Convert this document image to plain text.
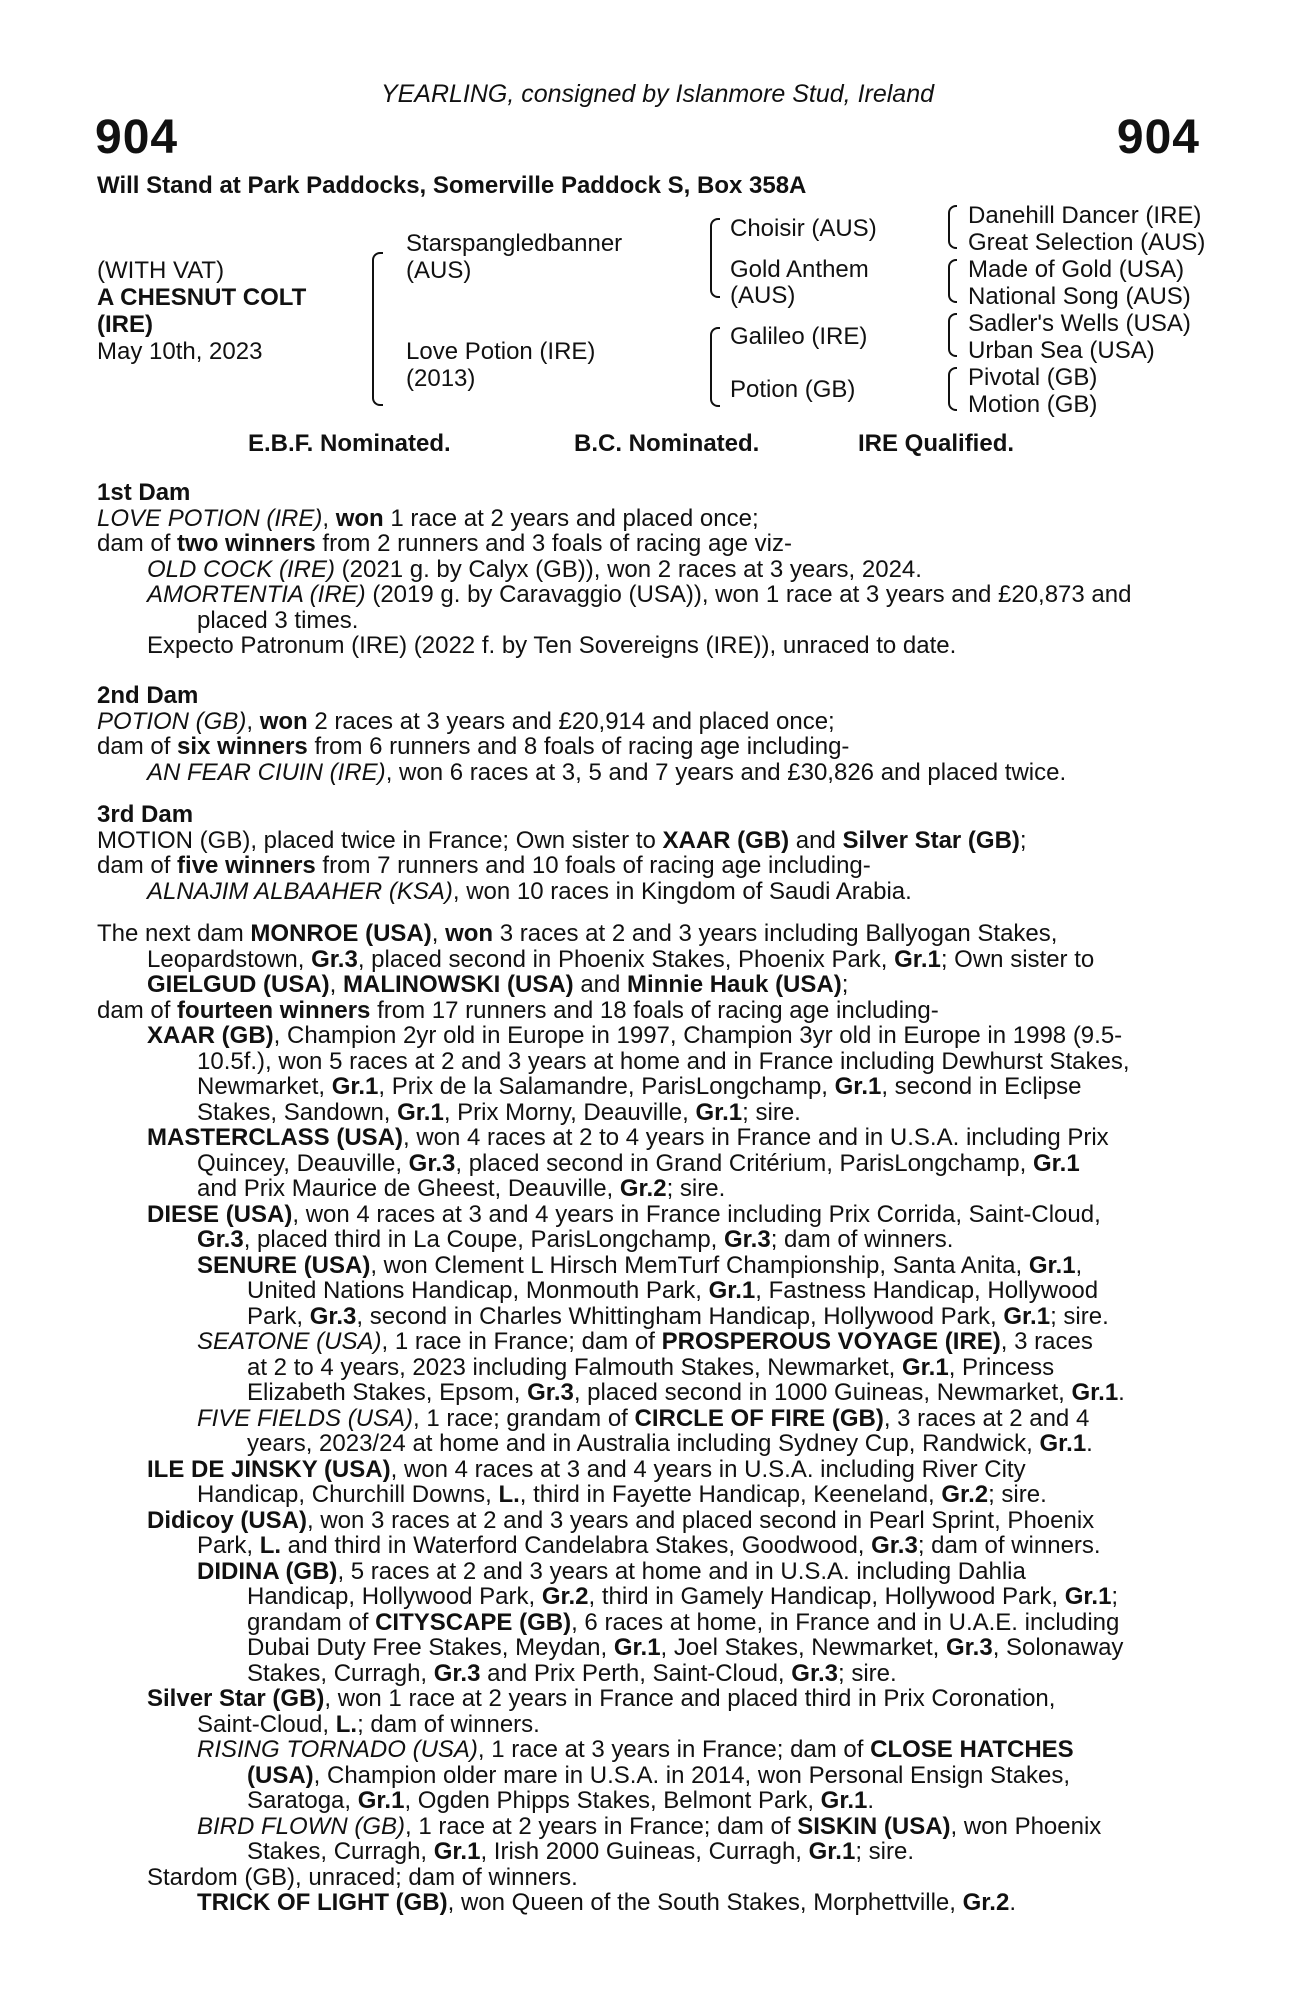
YEARLING, consigned by Islanmore Stud, Ireland
904	904
Will Stand at Park Paddocks, Somerville Paddock S, Box 358A
(WITH VAT)
A CHESNUT COLT
(IRE)
May 10th, 2023
Starspangledbanner
(AUS)
Love Potion (IRE)
(2013)
Choisir (AUS)
Gold Anthem
(AUS)
Galileo (IRE)
Potion (GB)
Danehill Dancer (IRE)
Great Selection (AUS)
Made of Gold (USA)
National Song (AUS)
Sadler's Wells (USA)
Urban Sea (USA)
Pivotal (GB)
Motion (GB)
E.B.F. Nominated.	B.C. Nominated.	IRE Qualified.
1st Dam
LOVE POTION (IRE), won 1 race at 2 years and placed once;
dam of two winners from 2 runners and 3 foals of racing age viz-
OLD COCK (IRE) (2021 g. by Calyx (GB)), won 2 races at 3 years, 2024.
AMORTENTIA (IRE) (2019 g. by Caravaggio (USA)), won 1 race at 3 years and £20,873 and
placed 3 times.
Expecto Patronum (IRE) (2022 f. by Ten Sovereigns (IRE)), unraced to date.
2nd Dam
POTION (GB), won 2 races at 3 years and £20,914 and placed once;
dam of six winners from 6 runners and 8 foals of racing age including-
AN FEAR CIUIN (IRE), won 6 races at 3, 5 and 7 years and £30,826 and placed twice.
3rd Dam
MOTION (GB), placed twice in France; Own sister to XAAR (GB) and Silver Star (GB);
dam of five winners from 7 runners and 10 foals of racing age including-
ALNAJIM ALBAAHER (KSA), won 10 races in Kingdom of Saudi Arabia.
The next dam MONROE (USA), won 3 races at 2 and 3 years including Ballyogan Stakes,
Leopardstown, Gr.3, placed second in Phoenix Stakes, Phoenix Park, Gr.1; Own sister to
GIELGUD (USA), MALINOWSKI (USA) and Minnie Hauk (USA);
dam of fourteen winners from 17 runners and 18 foals of racing age including-
XAAR (GB), Champion 2yr old in Europe in 1997, Champion 3yr old in Europe in 1998 (9.5-
10.5f.), won 5 races at 2 and 3 years at home and in France including Dewhurst Stakes,
Newmarket, Gr.1, Prix de la Salamandre, ParisLongchamp, Gr.1, second in Eclipse
Stakes, Sandown, Gr.1, Prix Morny, Deauville, Gr.1; sire.
MASTERCLASS (USA), won 4 races at 2 to 4 years in France and in U.S.A. including Prix
Quincey, Deauville, Gr.3, placed second in Grand Critérium, ParisLongchamp, Gr.1
and Prix Maurice de Gheest, Deauville, Gr.2; sire.
DIESE (USA), won 4 races at 3 and 4 years in France including Prix Corrida, Saint-Cloud,
Gr.3, placed third in La Coupe, ParisLongchamp, Gr.3; dam of winners.
SENURE (USA), won Clement L Hirsch MemTurf Championship, Santa Anita, Gr.1,
United Nations Handicap, Monmouth Park, Gr.1, Fastness Handicap, Hollywood
Park, Gr.3, second in Charles Whittingham Handicap, Hollywood Park, Gr.1; sire.
SEATONE (USA), 1 race in France; dam of PROSPEROUS VOYAGE (IRE), 3 races
at 2 to 4 years, 2023 including Falmouth Stakes, Newmarket, Gr.1, Princess
Elizabeth Stakes, Epsom, Gr.3, placed second in 1000 Guineas, Newmarket, Gr.1.
FIVE FIELDS (USA), 1 race; grandam of CIRCLE OF FIRE (GB), 3 races at 2 and 4
years, 2023/24 at home and in Australia including Sydney Cup, Randwick, Gr.1.
ILE DE JINSKY (USA), won 4 races at 3 and 4 years in U.S.A. including River City
Handicap, Churchill Downs, L., third in Fayette Handicap, Keeneland, Gr.2; sire.
Didicoy (USA), won 3 races at 2 and 3 years and placed second in Pearl Sprint, Phoenix
Park, L. and third in Waterford Candelabra Stakes, Goodwood, Gr.3; dam of winners.
DIDINA (GB), 5 races at 2 and 3 years at home and in U.S.A. including Dahlia
Handicap, Hollywood Park, Gr.2, third in Gamely Handicap, Hollywood Park, Gr.1;
grandam of CITYSCAPE (GB), 6 races at home, in France and in U.A.E. including
Dubai Duty Free Stakes, Meydan, Gr.1, Joel Stakes, Newmarket, Gr.3, Solonaway
Stakes, Curragh, Gr.3 and Prix Perth, Saint-Cloud, Gr.3; sire.
Silver Star (GB), won 1 race at 2 years in France and placed third in Prix Coronation,
Saint-Cloud, L.; dam of winners.
RISING TORNADO (USA), 1 race at 3 years in France; dam of CLOSE HATCHES
(USA), Champion older mare in U.S.A. in 2014, won Personal Ensign Stakes,
Saratoga, Gr.1, Ogden Phipps Stakes, Belmont Park, Gr.1.
BIRD FLOWN (GB), 1 race at 2 years in France; dam of SISKIN (USA), won Phoenix
Stakes, Curragh, Gr.1, Irish 2000 Guineas, Curragh, Gr.1; sire.
Stardom (GB), unraced; dam of winners.
TRICK OF LIGHT (GB), won Queen of the South Stakes, Morphettville, Gr.2.
